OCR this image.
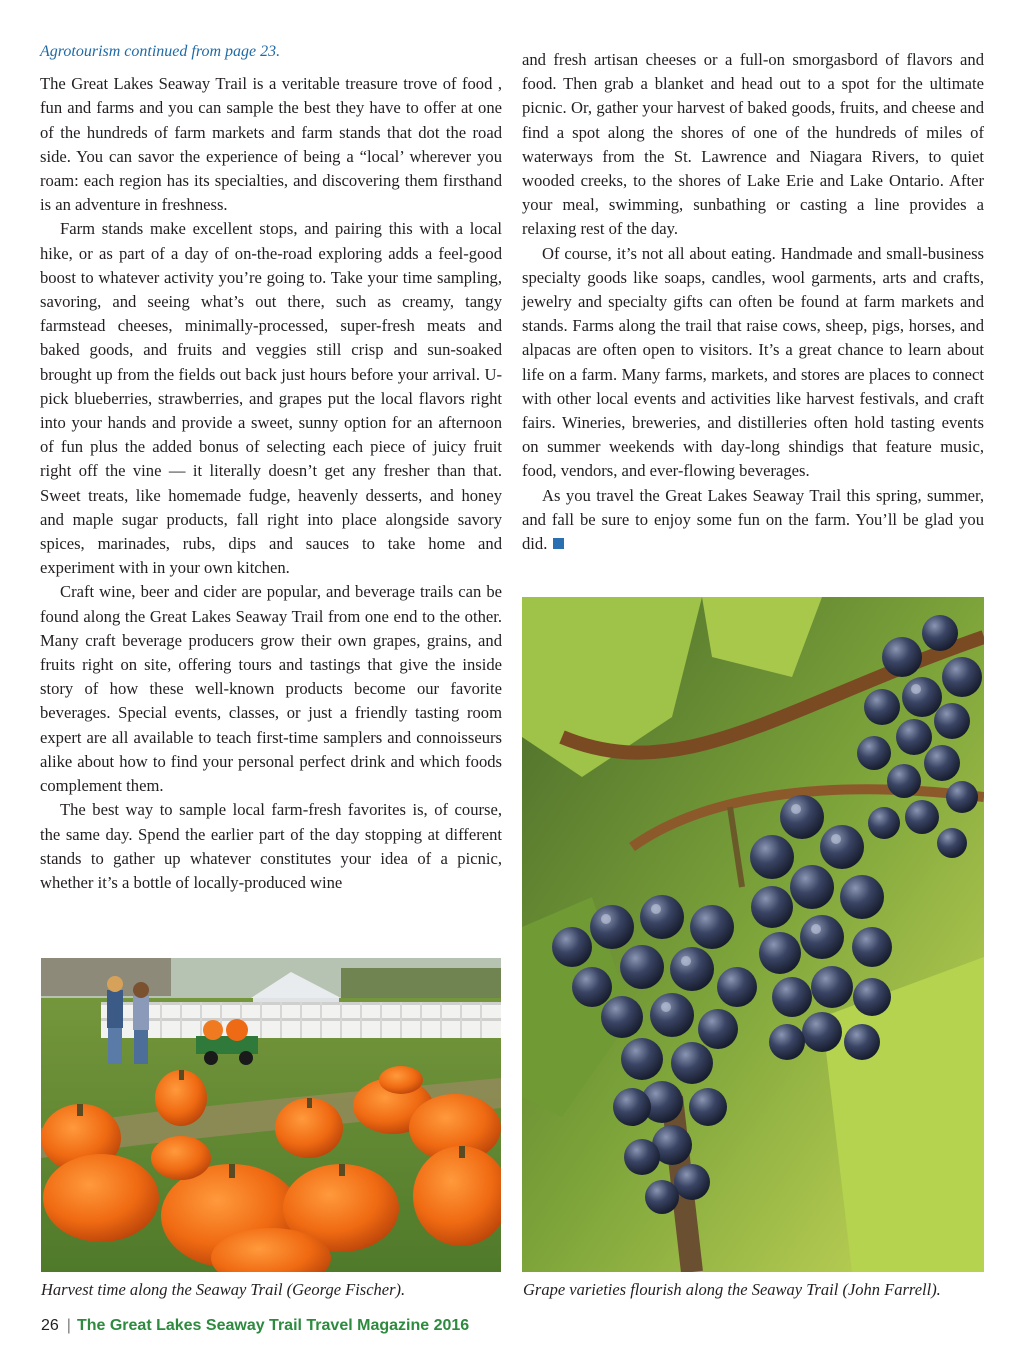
Agrotourism continued from page 23.

The Great Lakes Seaway Trail is a veritable treasure trove of food , fun and farms and you can sample the best they have to offer at one of the hundreds of farm markets and farm stands that dot the road side. You can savor the experience of being a “local’ wherever you roam: each region has its specialties, and discovering them firsthand is an adventure in freshness.

Farm stands make excellent stops, and pairing this with a local hike, or as part of a day of on-the-road exploring adds a feel-good boost to whatever activity you’re going to. Take your time sampling, savoring, and seeing what’s out there, such as creamy, tangy farmstead cheeses, minimally-processed, super-fresh meats and baked goods, and fruits and veggies still crisp and sun-soaked brought up from the fields out back just hours before your arrival. U-pick blueberries, strawberries, and grapes put the local flavors right into your hands and provide a sweet, sunny option for an afternoon of fun plus the added bonus of selecting each piece of juicy fruit right off the vine — it literally doesn’t get any fresher than that. Sweet treats, like homemade fudge, heavenly desserts, and honey and maple sugar products, fall right into place alongside savory spices, marinades, rubs, dips and sauces to take home and experiment with in your own kitchen.

Craft wine, beer and cider are popular, and beverage trails can be found along the Great Lakes Seaway Trail from one end to the other. Many craft beverage producers grow their own grapes, grains, and fruits right on site, offering tours and tastings that give the inside story of how these well-known products become our favorite beverages. Special events, classes, or just a friendly tasting room expert are all available to teach first-time samplers and connoisseurs alike about how to find your personal perfect drink and which foods complement them.

The best way to sample local farm-fresh favorites is, of course, the same day. Spend the earlier part of the day stopping at different stands to gather up whatever constitutes your idea of a picnic, whether it’s a bottle of locally-produced wine

and fresh artisan cheeses or a full-on smorgasbord of flavors and food. Then grab a blanket and head out to a spot for the ultimate picnic. Or, gather your harvest of baked goods, fruits, and cheese and find a spot along the shores of one of the hundreds of miles of waterways from the St. Lawrence and Niagara Rivers, to quiet wooded creeks, to the shores of Lake Erie and Lake Ontario. After your meal, swimming, sunbathing or casting a line provides a relaxing rest of the day.

Of course, it’s not all about eating. Handmade and small-business specialty goods like soaps, candles, wool garments, arts and crafts, jewelry and specialty gifts can often be found at farm markets and stands. Farms along the trail that raise cows, sheep, pigs, horses, and alpacas are often open to visitors. It’s a great chance to learn about life on a farm. Many farms, markets, and stores are places to connect with other local events and activities like harvest festivals, and craft fairs. Wineries, breweries, and distilleries often hold tasting events on summer weekends with day-long shindigs that feature music, food, vendors, and ever-flowing beverages.

As you travel the Great Lakes Seaway Trail this spring, summer, and fall be sure to enjoy some fun on the farm. You’ll be glad you did.

Harvest time along the Seaway Trail (George Fischer).	Grape varieties flourish along the Seaway Trail (John Farrell).
26 | The Great Lakes Seaway Trail Travel Magazine 2016
